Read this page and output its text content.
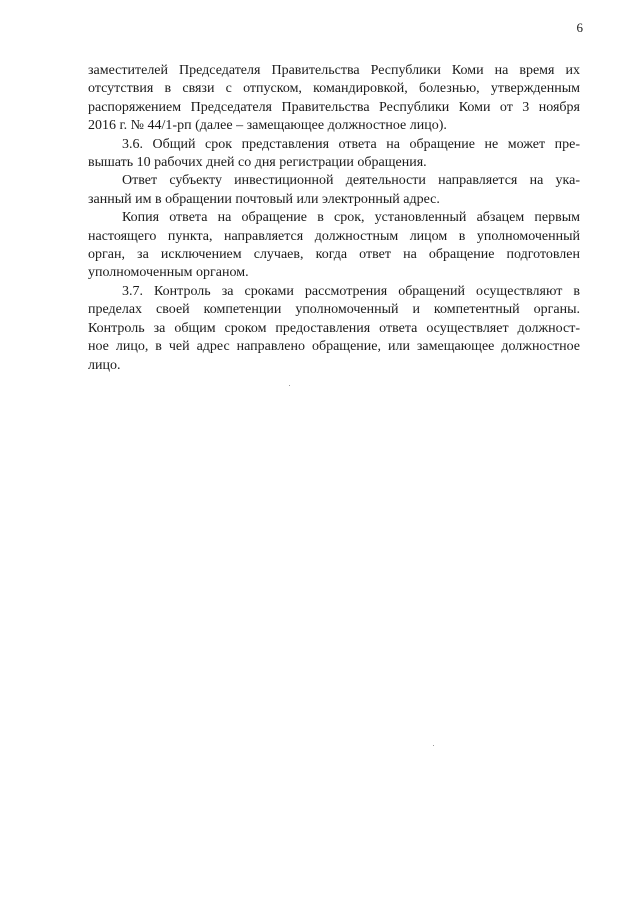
6

заместителей Председателя Правительства Республики Коми на время их
отсутствия в связи с отпуском, командировкой, болезнью, утвержденным
распоряжением Председателя Правительства Республики Коми от 3 ноября
2016 г. № 44/1-рп (далее – замещающее должностное лицо).

3.6. Общий срок представления ответа на обращение не может пре-
вышать 10 рабочих дней со дня регистрации обращения.

Ответ субъекту инвестиционной деятельности направляется на ука-
занный им в обращении почтовый или электронный адрес.

Копия ответа на обращение в срок, установленный абзацем первым
настоящего пункта, направляется должностным лицом в уполномоченный
орган, за исключением случаев, когда ответ на обращение подготовлен
уполномоченным органом.

3.7. Контроль за сроками рассмотрения обращений осуществляют в
пределах своей компетенции уполномоченный и компетентный органы.
Контроль за общим сроком предоставления ответа осуществляет должност-
ное лицо, в чей адрес направлено обращение, или замещающее должностное
лицо.
